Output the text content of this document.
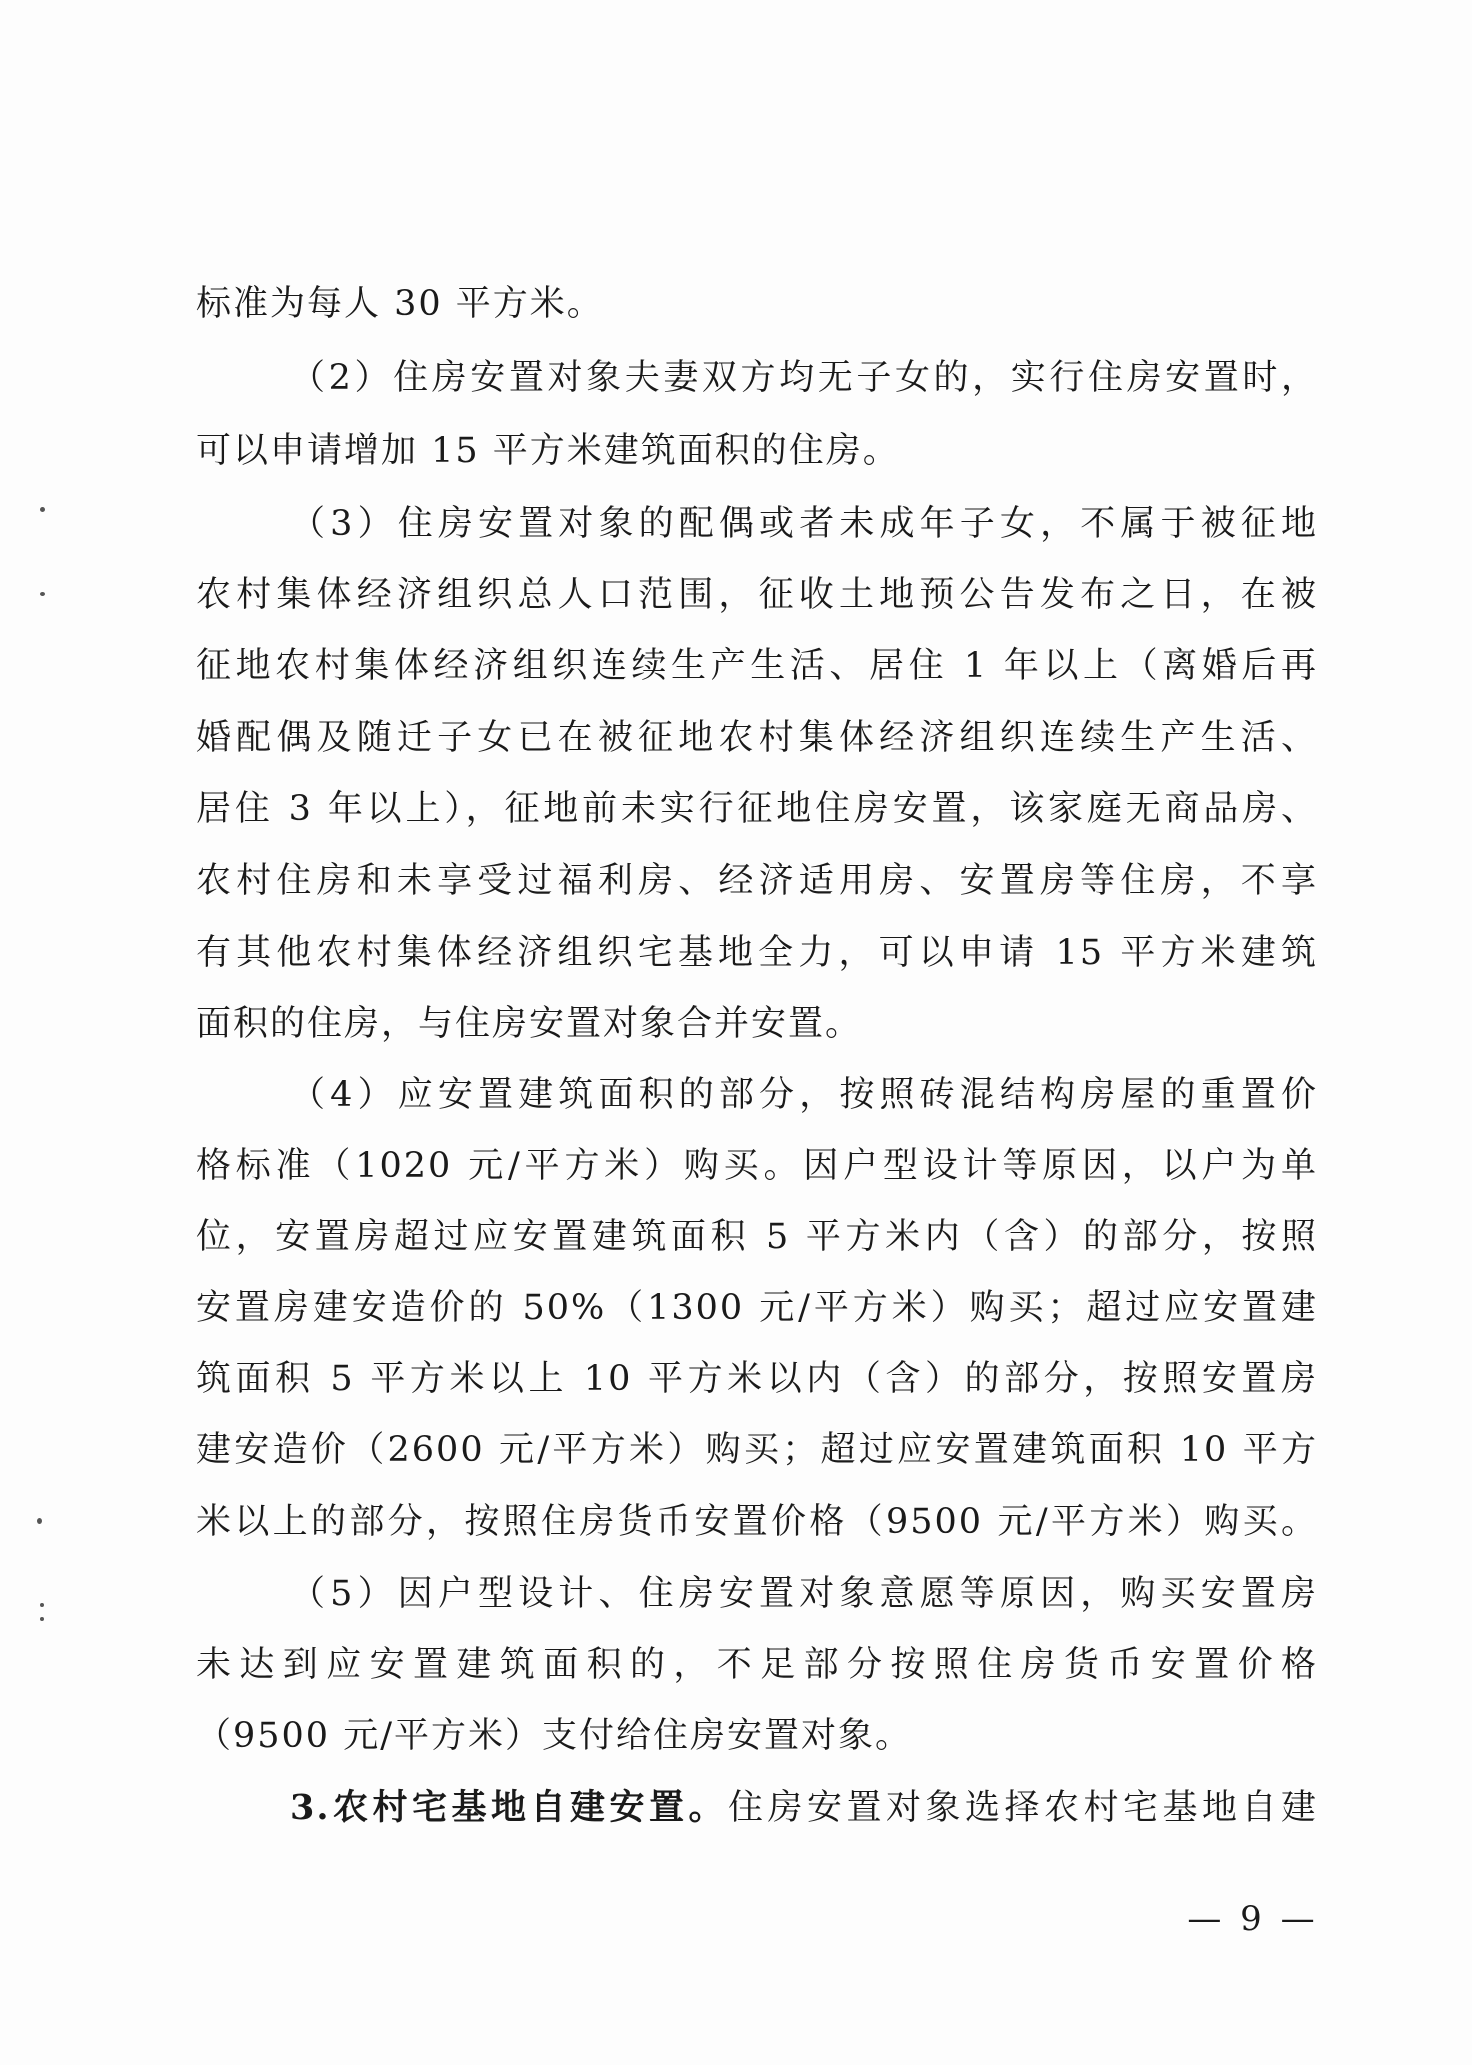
标准为每人 30 平方米。
（2）住房安置对象夫妻双方均无子女的，实行住房安置时，
可以申请增加 15 平方米建筑面积的住房。
（3）住房安置对象的配偶或者未成年子女，不属于被征地
农村集体经济组织总人口范围，征收土地预公告发布之日，在被
征地农村集体经济组织连续生产生活、居住 1 年以上（离婚后再
婚配偶及随迁子女已在被征地农村集体经济组织连续生产生活、
居住 3 年以上），征地前未实行征地住房安置，该家庭无商品房、
农村住房和未享受过福利房、经济适用房、安置房等住房，不享
有其他农村集体经济组织宅基地全力，可以申请 15 平方米建筑
面积的住房，与住房安置对象合并安置。
（4）应安置建筑面积的部分，按照砖混结构房屋的重置价
格标准（1020 元/平方米）购买。因户型设计等原因，以户为单
位，安置房超过应安置建筑面积 5 平方米内（含）的部分，按照
安置房建安造价的 50%（1300 元/平方米）购买；超过应安置建
筑面积 5 平方米以上 10 平方米以内（含）的部分，按照安置房
建安造价（2600 元/平方米）购买；超过应安置建筑面积 10 平方
米以上的部分，按照住房货币安置价格（9500 元/平方米）购买。
（5）因户型设计、住房安置对象意愿等原因，购买安置房
未达到应安置建筑面积的，不足部分按照住房货币安置价格
（9500 元/平方米）支付给住房安置对象。
3.农村宅基地自建安置。住房安置对象选择农村宅基地自建
— 9 —
